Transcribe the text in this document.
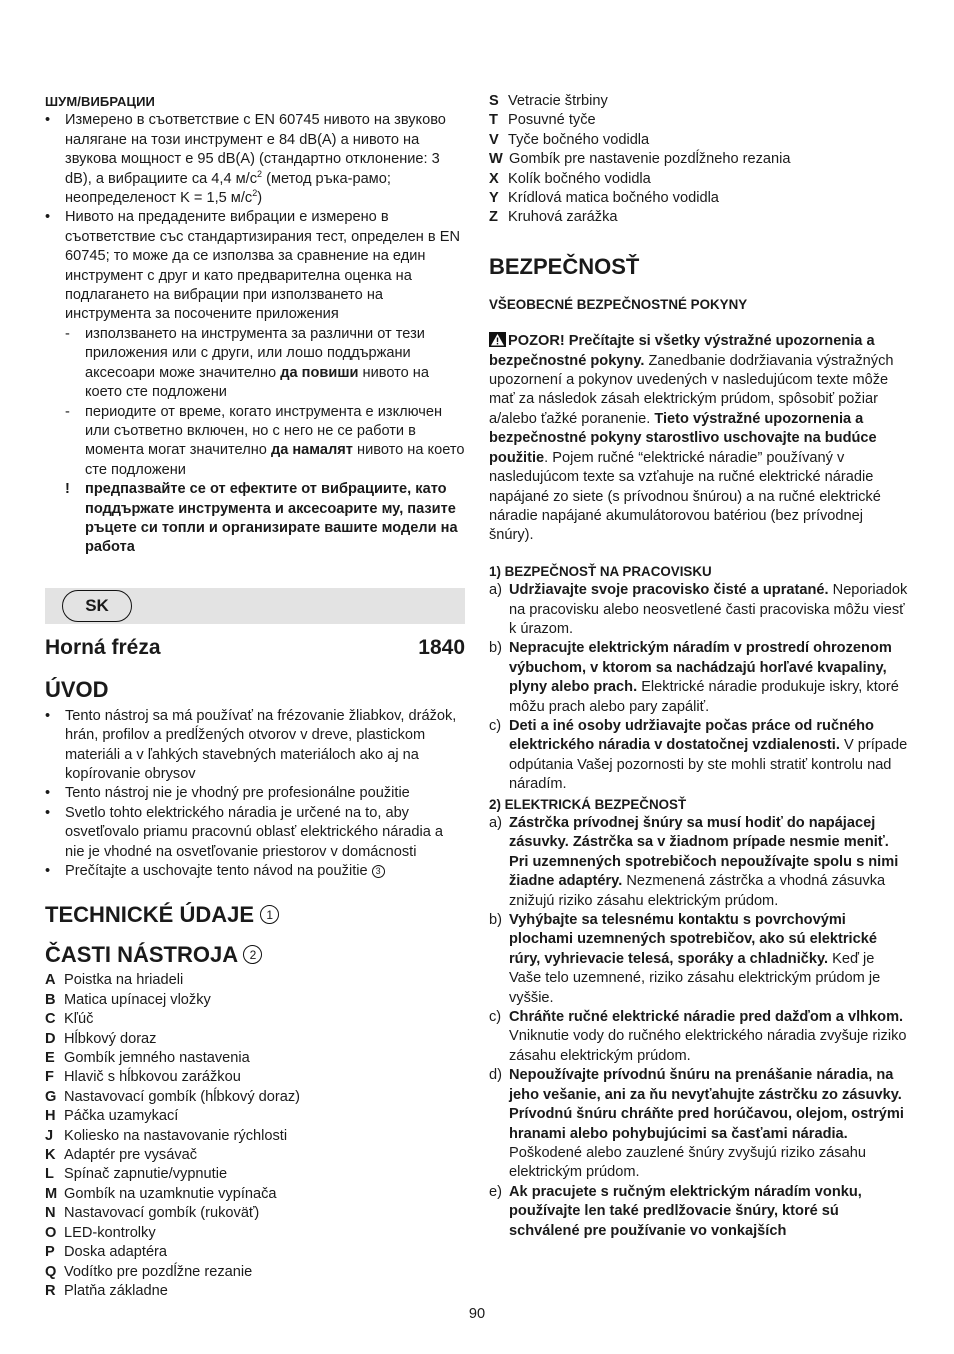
ШУМ/ВИБРАЦИИ

• Измерено в съответствие с EN 60745 нивото на звуково налягане на този инструмент е 84 dB(A) а нивото на звукова мощност е 95 dB(A) (стандартно отклонение: 3 dB), а вибрациите са 4,4 $м/с^2$ (метод ръка-рамо; неопределеност K = 1,5 $м/с^2$)
• Нивото на предадените вибрации е измерено в съответствие със стандартизирания тест, определен в EN 60745; то може да се използва за сравнение на един инструмент с друг и като предварителна оценка на подлагането на вибрации при използването на инструмента за посочените приложения
- използването на инструмента за различни от тези приложения или с други, или лошо поддържани аксесоари може значително да повиши нивото на което сте подложени
- периодите от време, когато инструмента е изключен или съответно включен, но с него не се работи в момента могат значително да намалят нивото на което сте подложени
! предпазвайте се от ефектите от вибрациите, като поддържате инструмента и аксесоарите му, пазите ръцете си топли и организирате вашите модели на работа
SK
Horná fréza	1840

ÚVOD

• Tento nástroj sa má používať na frézovanie žliabkov, drážok, hrán, profilov a predĺžených otvorov v dreve, plastickom materiáli a v ľahkých stavebných materiáloch ako aj na kopírovanie obrysov
• Tento nástroj nie je vhodný pre profesionálne použitie
• Svetlo tohto elektrického náradia je určené na to, aby osvetľovalo priamu pracovnú oblasť elektrického náradia a nie je vhodné na osvetľovanie priestorov v domácnosti
• Prečítajte a uschovajte tento návod na použitie 3

TECHNICKÉ ÚDAJE 1

ČASTI NÁSTROJA 2

A Poistka na hriadeli
B Matica upínacej vložky
C Kľúč
D Hĺbkový doraz
E Gombík jemného nastavenia
F Hlavič s hĺbkovou zarážkou
G Nastavovací gombík (hĺbkový doraz)
H Páčka uzamykací
J Koliesko na nastavovanie rýchlosti
K Adaptér pre vysávač
L Spínač zapnutie/vypnutie
M Gombík na uzamknutie vypínača
N Nastavovací gombík (rukoväť)
O LED-kontrolky
P Doska adaptéra
Q Vodítko pre pozdĺžne rezanie
R Platňa základne
S Vetracie štrbiny
T Posuvné tyče
V Tyče bočného vodidla
W Gombík pre nastavenie pozdĺžneho rezania
X Kolík bočného vodidla
Y Krídlová matica bočného vodidla
Z Kruhová zarážka

BEZPEČNOSŤ

VŠEOBECNÉ BEZPEČNOSTNÉ POKYNY

POZOR! Prečítajte si všetky výstražné upozornenia a bezpečnostné pokyny. Zanedbanie dodržiavania výstražných upozornení a pokynov uvedených v nasledujúcom texte môže mať za následok zásah elektrickým prúdom, spôsobiť požiar a/alebo ťažké poranenie. Tieto výstražné upozornenia a bezpečnostné pokyny starostlivo uschovajte na budúce použitie. Pojem ručné “elektrické náradie” používaný v nasledujúcom texte sa vzťahuje na ručné elektrické náradie napájané zo siete (s prívodnou šnúrou) a na ručné elektrické náradie napájané akumulátorovou batériou (bez prívodnej šnúry).

1) BEZPEČNOSŤ NA PRACOVISKU

a) Udržiavajte svoje pracovisko čisté a upratané. Neporiadok na pracovisku alebo neosvetlené časti pracoviska môžu viesť k úrazom.
b) Nepracujte elektrickým náradím v prostredí ohrozenom výbuchom, v ktorom sa nachádzajú horľavé kvapaliny, plyny alebo prach. Elektrické náradie produkuje iskry, ktoré môžu prach alebo pary zapáliť.
c) Deti a iné osoby udržiavajte počas práce od ručného elektrického náradia v dostatočnej vzdialenosti. V prípade odpútania Vašej pozornosti by ste mohli stratiť kontrolu nad náradím.

2) ELEKTRICKÁ BEZPEČNOSŤ

a) Zástrčka prívodnej šnúry sa musí hodiť do napájacej zásuvky. Zástrčka sa v žiadnom prípade nesmie meniť. Pri uzemnených spotrebičoch nepoužívajte spolu s nimi žiadne adaptéry. Nezmenená zástrčka a vhodná zásuvka znižujú riziko zásahu elektrickým prúdom.
b) Vyhýbajte sa telesnému kontaktu s povrchovými plochami uzemnených spotrebičov, ako sú elektrické rúry, vyhrievacie telesá, sporáky a chladničky. Keď je Vaše telo uzemnené, riziko zásahu elektrickým prúdom je vyššie.
c) Chráňte ručné elektrické náradie pred dažďom a vlhkom. Vniknutie vody do ručného elektrického náradia zvyšuje riziko zásahu elektrickým prúdom.
d) Nepoužívajte prívodnú šnúru na prenášanie náradia, na jeho vešanie, ani za ňu nevyťahujte zástrčku zo zásuvky. Prívodnú šnúru chráňte pred horúčavou, olejom, ostrými hranami alebo pohybujúcimi sa časťami náradia. Poškodené alebo zauzlené šnúry zvyšujú riziko zásahu elektrickým prúdom.
e) Ak pracujete s ručným elektrickým náradím vonku, používajte len také predlžovacie šnúry, ktoré sú schválené pre používanie vo vonkajších
90
